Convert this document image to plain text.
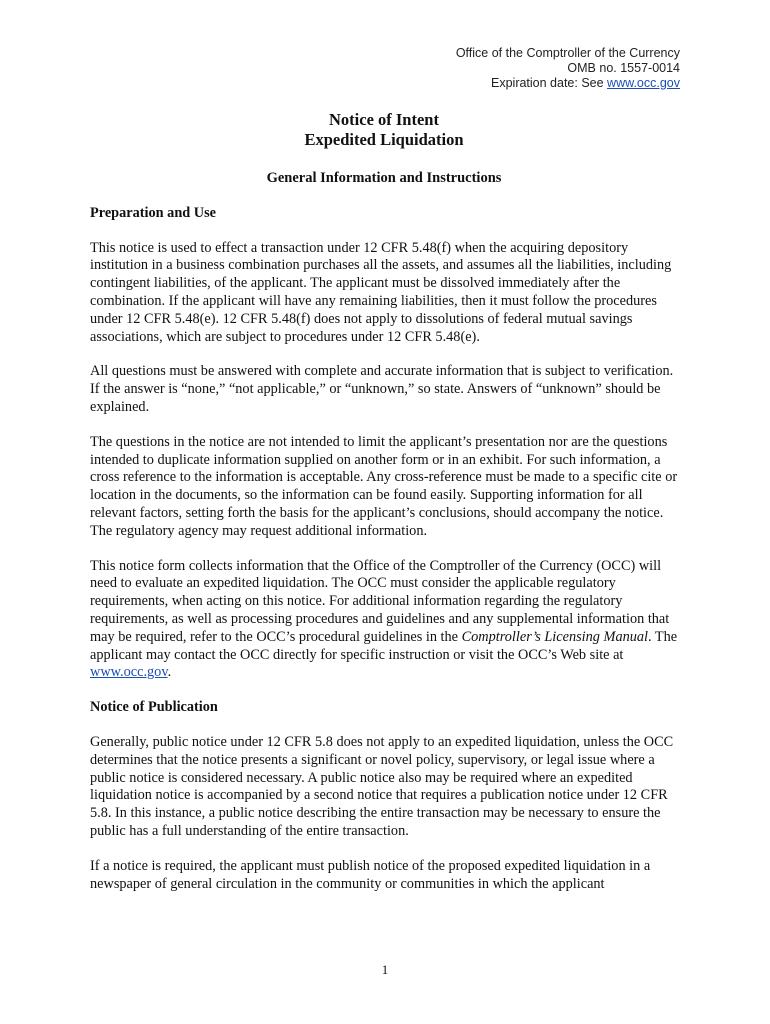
Office of the Comptroller of the Currency
OMB no. 1557-0014
Expiration date: See www.occ.gov
Notice of Intent
Expedited Liquidation
General Information and Instructions
Preparation and Use

This notice is used to effect a transaction under 12 CFR 5.48(f) when the acquiring depository institution in a business combination purchases all the assets, and assumes all the liabilities, including contingent liabilities, of the applicant. The applicant must be dissolved immediately after the combination. If the applicant will have any remaining liabilities, then it must follow the procedures under 12 CFR 5.48(e). 12 CFR 5.48(f) does not apply to dissolutions of federal mutual savings associations, which are subject to procedures under 12 CFR 5.48(e).

All questions must be answered with complete and accurate information that is subject to verification. If the answer is “none,” “not applicable,” or “unknown,” so state. Answers of “unknown” should be explained.

The questions in the notice are not intended to limit the applicant’s presentation nor are the questions intended to duplicate information supplied on another form or in an exhibit. For such information, a cross reference to the information is acceptable. Any cross-reference must be made to a specific cite or location in the documents, so the information can be found easily. Supporting information for all relevant factors, setting forth the basis for the applicant’s conclusions, should accompany the notice. The regulatory agency may request additional information.

This notice form collects information that the Office of the Comptroller of the Currency (OCC) will need to evaluate an expedited liquidation. The OCC must consider the applicable regulatory requirements, when acting on this notice. For additional information regarding the regulatory requirements, as well as processing procedures and guidelines and any supplemental information that may be required, refer to the OCC’s procedural guidelines in the Comptroller’s Licensing Manual. The applicant may contact the OCC directly for specific instruction or visit the OCC’s Web site at www.occ.gov.

Notice of Publication

Generally, public notice under 12 CFR 5.8 does not apply to an expedited liquidation, unless the OCC determines that the notice presents a significant or novel policy, supervisory, or legal issue where a public notice is considered necessary. A public notice also may be required where an expedited liquidation notice is accompanied by a second notice that requires a publication notice under 12 CFR 5.8. In this instance, a public notice describing the entire transaction may be necessary to ensure the public has a full understanding of the entire transaction.

If a notice is required, the applicant must publish notice of the proposed expedited liquidation in a newspaper of general circulation in the community or communities in which the applicant

1
